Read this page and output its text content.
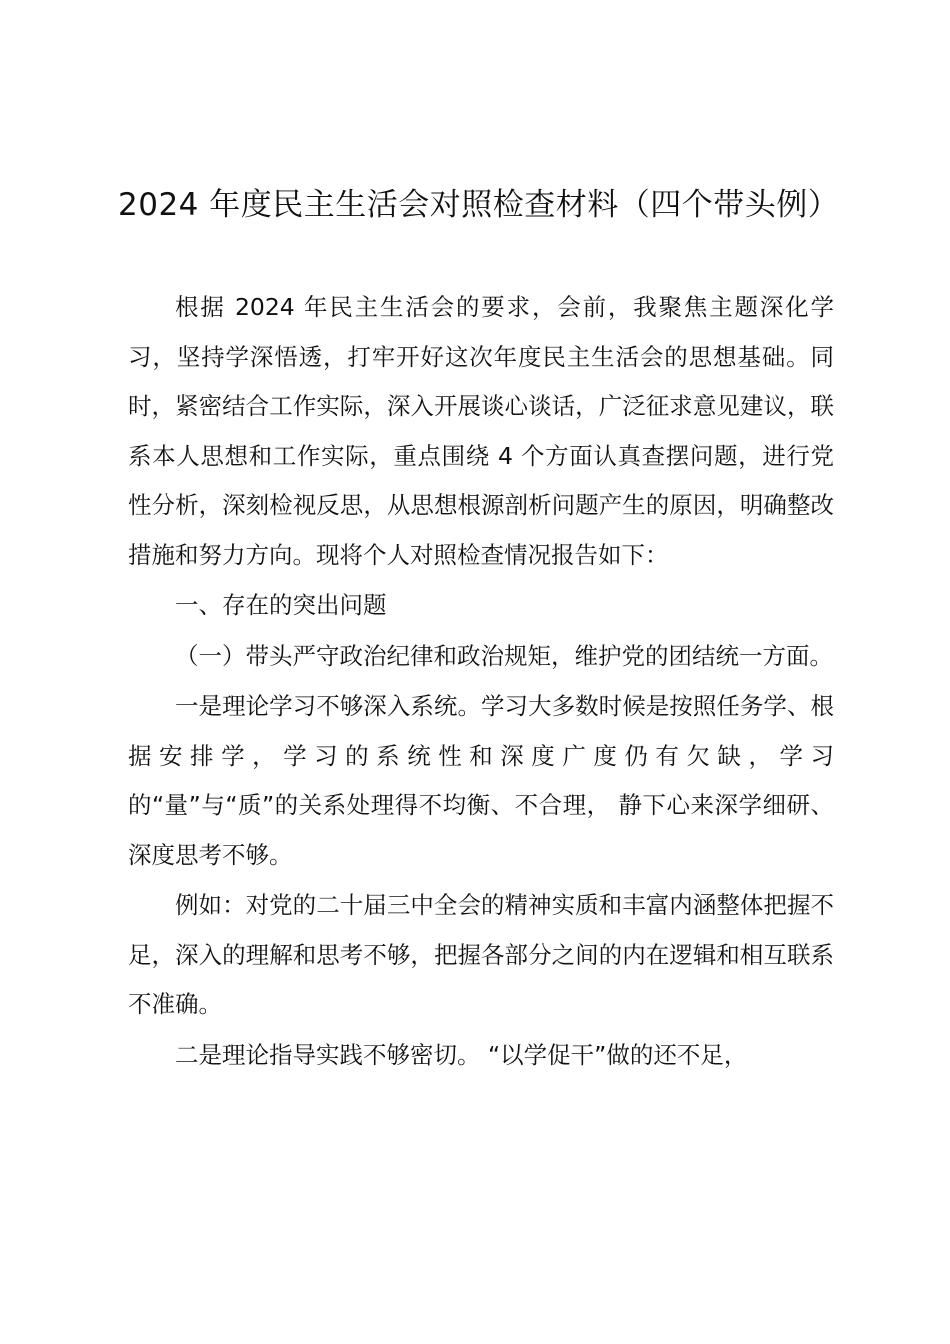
2024 年度民主生活会对照检查材料（四个带头例）

根据 2024 年民主生活会的要求，会前，我聚焦主题深化学习，坚持学深悟透，打牢开好这次年度民主生活会的思想基础。同时，紧密结合工作实际，深入开展谈心谈话，广泛征求意见建议，联系本人思想和工作实际，重点围绕 4 个方面认真查摆问题，进行党性分析，深刻检视反思，从思想根源剖析问题产生的原因，明确整改措施和努力方向。现将个人对照检查情况报告如下：

一、存在的突出问题

（一）带头严守政治纪律和政治规矩，维护党的团结统一方面。

一是理论学习不够深入系统。学习大多数时候是按照任务学、根据安排学，学习的系统性和深度广度仍有欠缺，学习的“量”与“质”的关系处理得不均衡、不合理， 静下心来深学细研、深度思考不够。

例如：对党的二十届三中全会的精神实质和丰富内涵整体把握不足，深入的理解和思考不够，把握各部分之间的内在逻辑和相互联系不准确。

二是理论指导实践不够密切。 “以学促干”做的还不足，
